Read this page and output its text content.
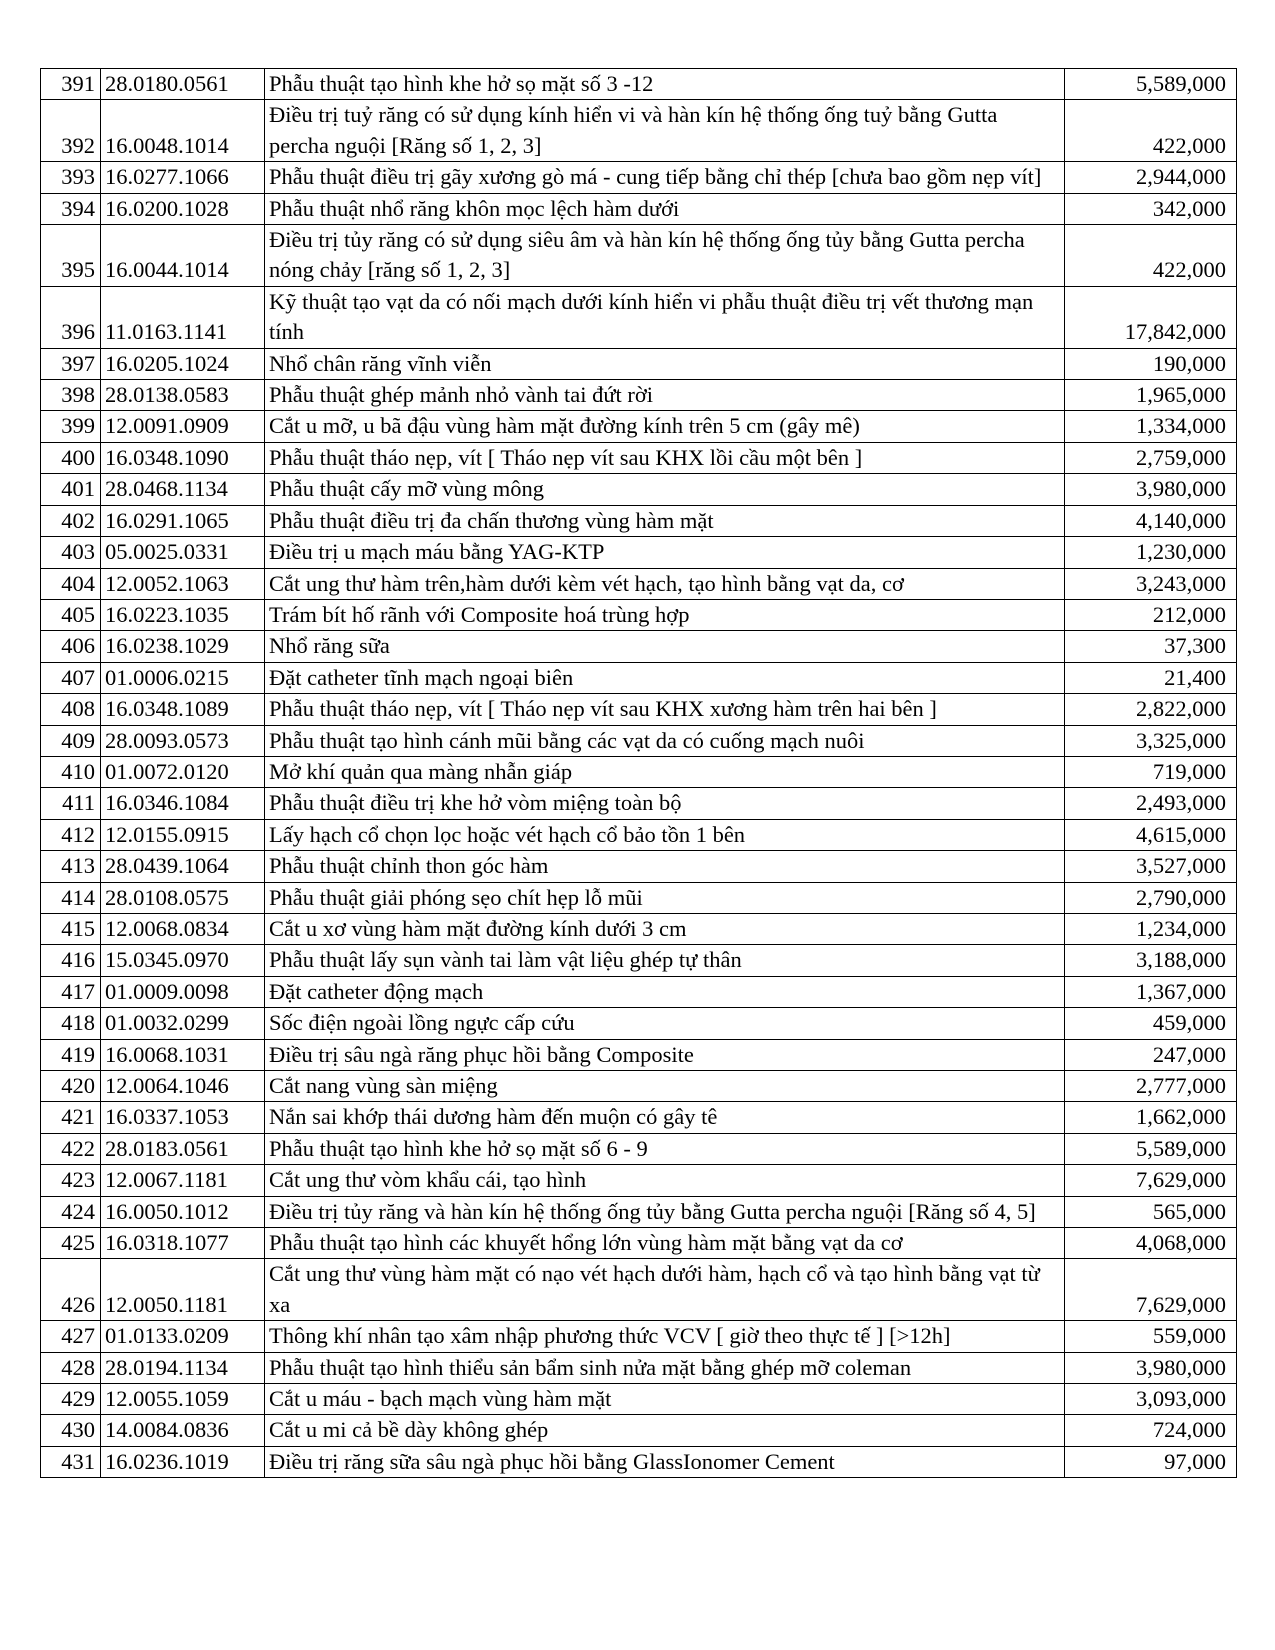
391	28.0180.0561	Phẫu thuật tạo hình khe hở sọ mặt số 3 -12	5,589,000
392	16.0048.1014	Điều trị tuỷ răng có sử dụng kính hiển vi và hàn kín hệ thống ống tuỷ bằng Gutta percha nguội [Răng số 1, 2, 3]	422,000
393	16.0277.1066	Phẫu thuật điều trị gãy xương gò má - cung tiếp bằng chỉ thép [chưa bao gồm nẹp vít]	2,944,000
394	16.0200.1028	Phẫu thuật nhổ răng khôn mọc lệch hàm dưới	342,000
395	16.0044.1014	Điều trị tủy răng có sử dụng siêu âm và hàn kín hệ thống ống tủy bằng Gutta percha nóng chảy [răng số 1, 2, 3]	422,000
396	11.0163.1141	Kỹ thuật tạo vạt da có nối mạch dưới kính hiển vi phẫu thuật điều trị vết thương mạn tính	17,842,000
397	16.0205.1024	Nhổ chân răng vĩnh viễn	190,000
398	28.0138.0583	Phẫu thuật ghép mảnh nhỏ vành tai đứt rời	1,965,000
399	12.0091.0909	Cắt u mỡ, u bã đậu vùng hàm mặt đường kính trên 5 cm (gây mê)	1,334,000
400	16.0348.1090	Phẫu thuật tháo nẹp, vít [ Tháo nẹp vít sau KHX lồi cầu một bên ]	2,759,000
401	28.0468.1134	Phẫu thuật cấy mỡ vùng mông	3,980,000
402	16.0291.1065	Phẫu thuật điều trị đa chấn thương vùng hàm mặt	4,140,000
403	05.0025.0331	Điều trị u mạch máu bằng YAG-KTP	1,230,000
404	12.0052.1063	Cắt ung thư hàm trên,hàm dưới kèm vét hạch, tạo hình bằng vạt da, cơ	3,243,000
405	16.0223.1035	Trám bít hố rãnh với Composite hoá trùng hợp	212,000
406	16.0238.1029	Nhổ răng sữa	37,300
407	01.0006.0215	Đặt catheter tĩnh mạch ngoại biên	21,400
408	16.0348.1089	Phẫu thuật tháo nẹp, vít [ Tháo nẹp vít sau KHX xương hàm trên hai bên ]	2,822,000
409	28.0093.0573	Phẫu thuật tạo hình cánh mũi bằng các vạt da có cuống mạch nuôi	3,325,000
410	01.0072.0120	Mở khí quản qua màng nhẫn giáp	719,000
411	16.0346.1084	Phẫu thuật điều trị khe hở vòm miệng toàn bộ	2,493,000
412	12.0155.0915	Lấy hạch cổ chọn lọc hoặc vét hạch cổ bảo tồn 1 bên	4,615,000
413	28.0439.1064	Phẫu thuật chỉnh thon góc hàm	3,527,000
414	28.0108.0575	Phẫu thuật giải phóng sẹo chít hẹp lỗ mũi	2,790,000
415	12.0068.0834	Cắt u xơ vùng hàm mặt đường kính dưới 3 cm	1,234,000
416	15.0345.0970	Phẫu thuật lấy sụn vành tai làm vật liệu ghép tự thân	3,188,000
417	01.0009.0098	Đặt catheter động mạch	1,367,000
418	01.0032.0299	Sốc điện ngoài lồng ngực cấp cứu	459,000
419	16.0068.1031	Điều trị sâu ngà răng phục hồi bằng Composite	247,000
420	12.0064.1046	Cắt nang vùng sàn miệng	2,777,000
421	16.0337.1053	Nắn sai khớp thái dương hàm đến muộn có gây tê	1,662,000
422	28.0183.0561	Phẫu thuật tạo hình khe hở sọ mặt số 6 - 9	5,589,000
423	12.0067.1181	Cắt ung thư vòm khẩu cái, tạo hình	7,629,000
424	16.0050.1012	Điều trị tủy răng và hàn kín hệ thống ống tủy bằng Gutta percha nguội [Răng số 4, 5]	565,000
425	16.0318.1077	Phẫu thuật tạo hình các khuyết hổng lớn vùng hàm mặt bằng vạt da cơ	4,068,000
426	12.0050.1181	Cắt ung thư vùng hàm mặt có nạo vét hạch dưới hàm, hạch cổ và tạo hình bằng vạt từ xa	7,629,000
427	01.0133.0209	Thông khí nhân tạo xâm nhập phương thức VCV [ giờ theo thực tế ] [>12h]	559,000
428	28.0194.1134	Phẫu thuật tạo hình thiểu sản bẩm sinh nửa mặt bằng ghép mỡ coleman	3,980,000
429	12.0055.1059	Cắt u máu - bạch mạch vùng hàm mặt	3,093,000
430	14.0084.0836	Cắt u mi cả bề dày không ghép	724,000
431	16.0236.1019	Điều trị răng sữa sâu ngà phục hồi bằng GlassIonomer Cement	97,000
